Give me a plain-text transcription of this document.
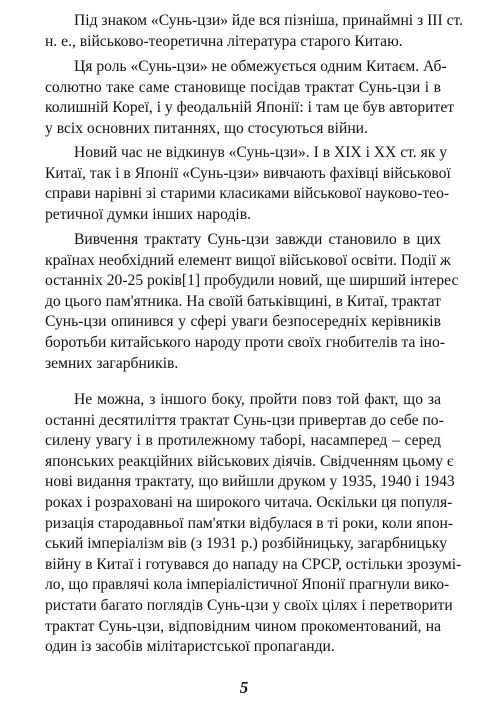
Під знаком «Сунь-цзи» йде вся пізніша, принаймні з III ст.
н. е., військово-теоретична література старого Китаю.
Ця роль «Сунь-цзи» не обмежується одним Китаєм. Аб-
солютно таке саме становище посідав трактат Сунь-цзи і в
колишній Кореї, і у феодальній Японії: і там це був авторитет
у всіх основних питаннях, що стосуються війни.
Новий час не відкинув «Сунь-цзи». І в XIX і XX ст. як у
Китаї, так і в Японії «Сунь-цзи» вивчають фахівці військової
справи нарівні зі старими класиками військової науково-тео-
ретичної думки інших народів.
Вивчення трактату Сунь-цзи завжди становило в цих
країнах необхідний елемент вищої військової освіти. Події ж
останніх 20-25 років[1] пробудили новий, ще ширший інтерес
до цього пам'ятника. На своїй батьківщині, в Китаї, трактат
Сунь-цзи опинився у сфері уваги безпосередніх керівників
боротьби китайського народу проти своїх гнобителів та іно-
земних загарбників.
Не можна, з іншого боку, пройти повз той факт, що за
останні десятиліття трактат Сунь-цзи привертав до себе по-
силену увагу і в протилежному таборі, насамперед – серед
японських реакційних військових діячів. Свідченням цьому є
нові видання трактату, що вийшли друком у 1935, 1940 і 1943
роках і розраховані на широкого читача. Оскільки ця популя-
ризація стародавньої пам'ятки відбулася в ті роки, коли япон-
ський імперіалізм вів (з 1931 р.) розбійницьку, загарбницьку
війну в Китаї і готувався до нападу на СРСР, остільки зрозумі-
ло, що правлячі кола імперіалістичної Японії прагнули вико-
ристати багато поглядів Сунь-цзи у своїх цілях і перетворити
трактат Сунь-цзи, відповідним чином прокоментований, на
один із засобів мілітаристської пропаганди.
5
